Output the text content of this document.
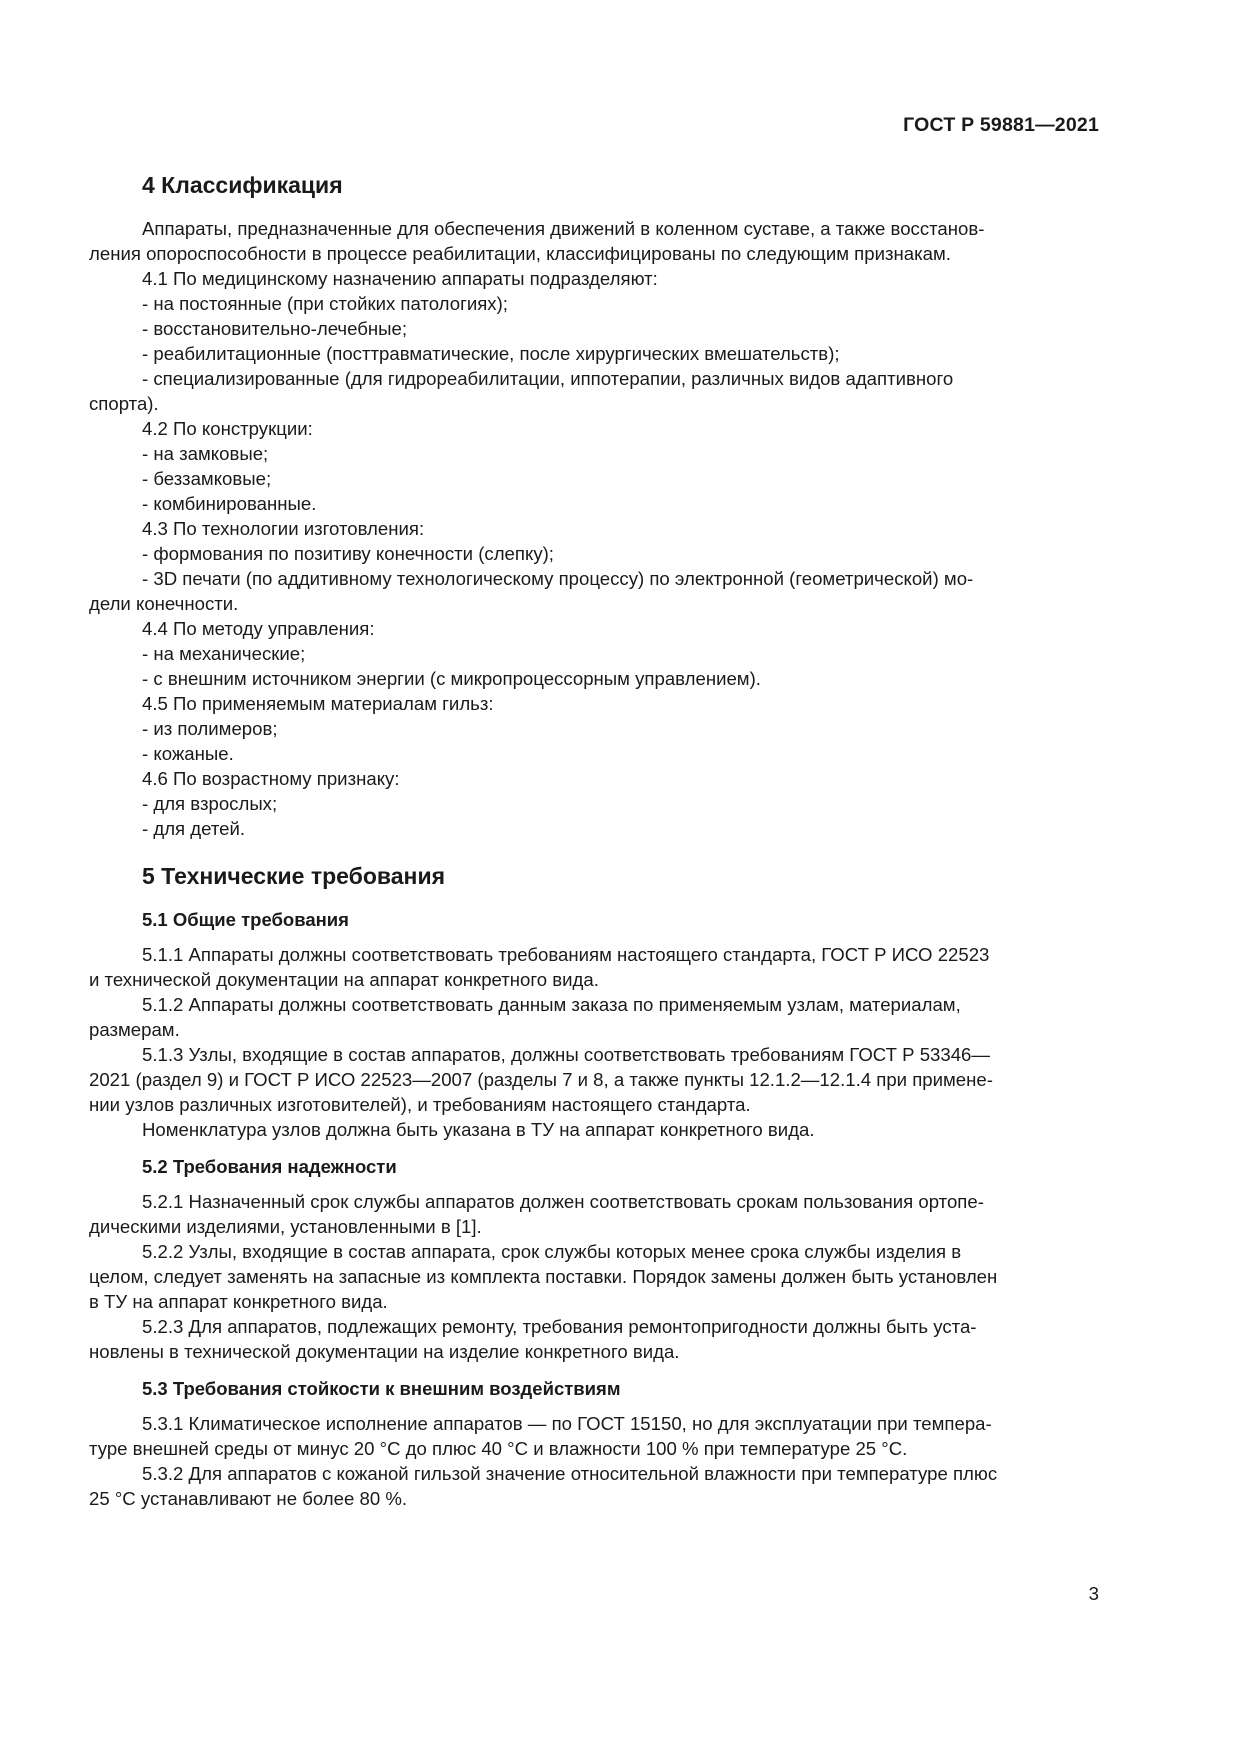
ГОСТ Р 59881—2021
4 Классификация
Аппараты, предназначенные для обеспечения движений в коленном суставе, а также восстанов-
ления опороспособности в процессе реабилитации, классифицированы по следующим признакам.
4.1 По медицинскому назначению аппараты подразделяют:
- на постоянные (при стойких патологиях);
- восстановительно-лечебные;
- реабилитационные (посттравматические, после хирургических вмешательств);
- специализированные (для гидрореабилитации, иппотерапии, различных видов адаптивного
спорта).
4.2 По конструкции:
- на замковые;
- беззамковые;
- комбинированные.
4.3 По технологии изготовления:
- формования по позитиву конечности (слепку);
- 3D печати (по аддитивному технологическому процессу) по электронной (геометрической) мо-
дели конечности.
4.4 По методу управления:
- на механические;
- с внешним источником энергии (с микропроцессорным управлением).
4.5 По применяемым материалам гильз:
- из полимеров;
- кожаные.
4.6 По возрастному признаку:
- для взрослых;
- для детей.
5 Технические требования
5.1 Общие требования
5.1.1 Аппараты должны соответствовать требованиям настоящего стандарта, ГОСТ Р ИСО 22523
и технической документации на аппарат конкретного вида.
5.1.2 Аппараты должны соответствовать данным заказа по применяемым узлам, материалам,
размерам.
5.1.3 Узлы, входящие в состав аппаратов, должны соответствовать требованиям ГОСТ Р 53346—
2021 (раздел 9) и ГОСТ Р ИСО 22523—2007 (разделы 7 и 8, а также пункты 12.1.2—12.1.4 при примене-
нии узлов различных изготовителей), и требованиям настоящего стандарта.
Номенклатура узлов должна быть указана в ТУ на аппарат конкретного вида.
5.2 Требования надежности
5.2.1 Назначенный срок службы аппаратов должен соответствовать срокам пользования ортопе-
дическими изделиями, установленными в [1].
5.2.2 Узлы, входящие в состав аппарата, срок службы которых менее срока службы изделия в
целом, следует заменять на запасные из комплекта поставки. Порядок замены должен быть установлен
в ТУ на аппарат конкретного вида.
5.2.3 Для аппаратов, подлежащих ремонту, требования ремонтопригодности должны быть уста-
новлены в технической документации на изделие конкретного вида.
5.3 Требования стойкости к внешним воздействиям
5.3.1 Климатическое исполнение аппаратов — по ГОСТ 15150, но для эксплуатации при темпера-
туре внешней среды от минус 20 °С до плюс 40 °С и влажности 100 % при температуре 25 °С.
5.3.2 Для аппаратов с кожаной гильзой значение относительной влажности при температуре плюс
25 °С устанавливают не более 80 %.
3
